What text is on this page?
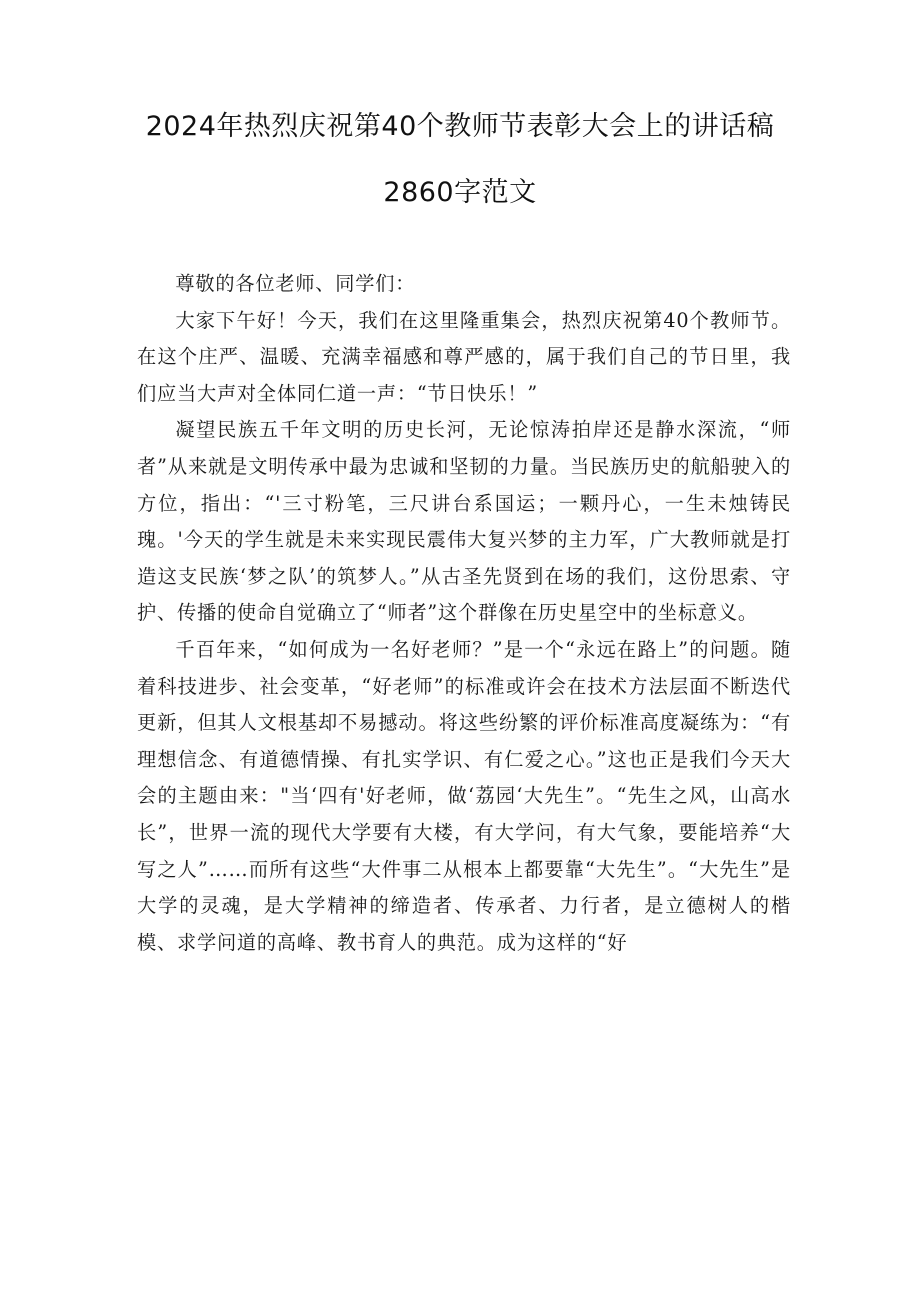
2024年热烈庆祝第40个教师节表彰大会上的讲话稿
2860字范文

尊敬的各位老师、同学们：

大家下午好！今天，我们在这里隆重集会，热烈庆祝第40个教师节。在这个庄严、温暖、充满幸福感和尊严感的，属于我们自己的节日里，我们应当大声对全体同仁道一声：“节日快乐！”

凝望民族五千年文明的历史长河，无论惊涛拍岸还是静水深流，“师者”从来就是文明传承中最为忠诚和坚韧的力量。当民族历史的航船驶入的方位，指出：“'三寸粉笔，三尺讲台系国运；一颗丹心，一生未烛铸民瑰。'今天的学生就是未来实现民震伟大复兴梦的主力军，广大教师就是打造这支民族‘梦之队’的筑梦人。”从古圣先贤到在场的我们，这份思索、守护、传播的使命自觉确立了“师者”这个群像在历史星空中的坐标意义。

千百年来，“如何成为一名好老师？”是一个“永远在路上”的问题。随着科技进步、社会变革，“好老师”的标准或许会在技术方法层面不断迭代更新，但其人文根基却不易撼动。将这些纷繁的评价标准高度凝练为：“有理想信念、有道德情操、有扎实学识、有仁爱之心。”这也正是我们今天大会的主题由来："当‘四有'好老师，做‘荔园‘大先生”。“先生之风，山高水长”，世界一流的现代大学要有大楼，有大学问，有大气象，要能培养“大写之人”……而所有这些“大件事二从根本上都要靠“大先生”。“大先生”是大学的灵魂，是大学精神的缔造者、传承者、力行者，是立德树人的楷模、求学问道的高峰、教书育人的典范。成为这样的“好
